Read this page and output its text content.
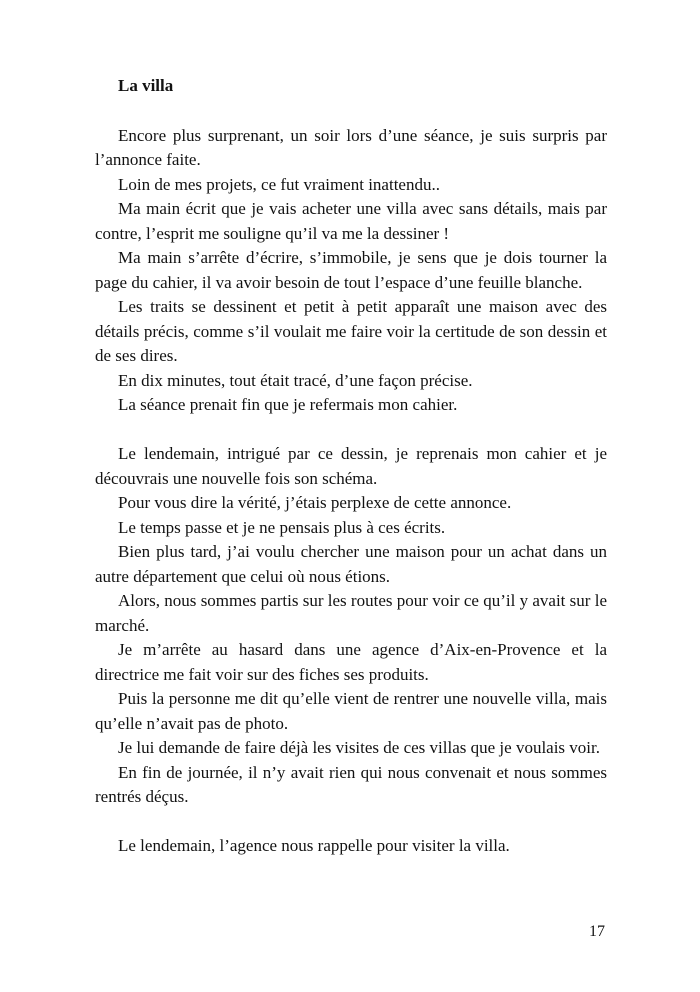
La villa

Encore plus surprenant, un soir lors d’une séance, je suis surpris par l’annonce faite.

Loin de mes projets, ce fut vraiment inattendu..

Ma main écrit que je vais acheter une villa avec sans détails, mais par contre, l’esprit me souligne qu’il va me la dessiner !

Ma main s’arrête d’écrire, s’immobile, je sens que je dois tourner la page du cahier, il va avoir besoin de tout l’espace d’une feuille blanche.

Les traits se dessinent et petit à petit apparaît une maison avec des détails précis, comme s’il voulait me faire voir la certitude de son dessin et de ses dires.

En dix minutes, tout était tracé, d’une façon précise.

La séance prenait fin que je refermais mon cahier.

Le lendemain, intrigué par ce dessin, je reprenais mon cahier et je découvrais une nouvelle fois son schéma.

Pour vous dire la vérité, j’étais perplexe de cette annonce.

Le temps passe et je ne pensais plus à ces écrits.

Bien plus tard, j’ai voulu chercher une maison pour un achat dans un autre département que celui où nous étions.

Alors, nous sommes partis sur les routes pour voir ce qu’il y avait sur le marché.

Je m’arrête au hasard dans une agence d’Aix-en-Provence et la directrice me fait voir sur des fiches ses produits.

Puis la personne me dit qu’elle vient de rentrer une nouvelle villa, mais qu’elle n’avait pas de photo.

Je lui demande de faire déjà les visites de ces villas que je voulais voir.

En fin de journée, il n’y avait rien qui nous convenait et nous sommes rentrés déçus.

Le lendemain, l’agence nous rappelle pour visiter la villa.

17
